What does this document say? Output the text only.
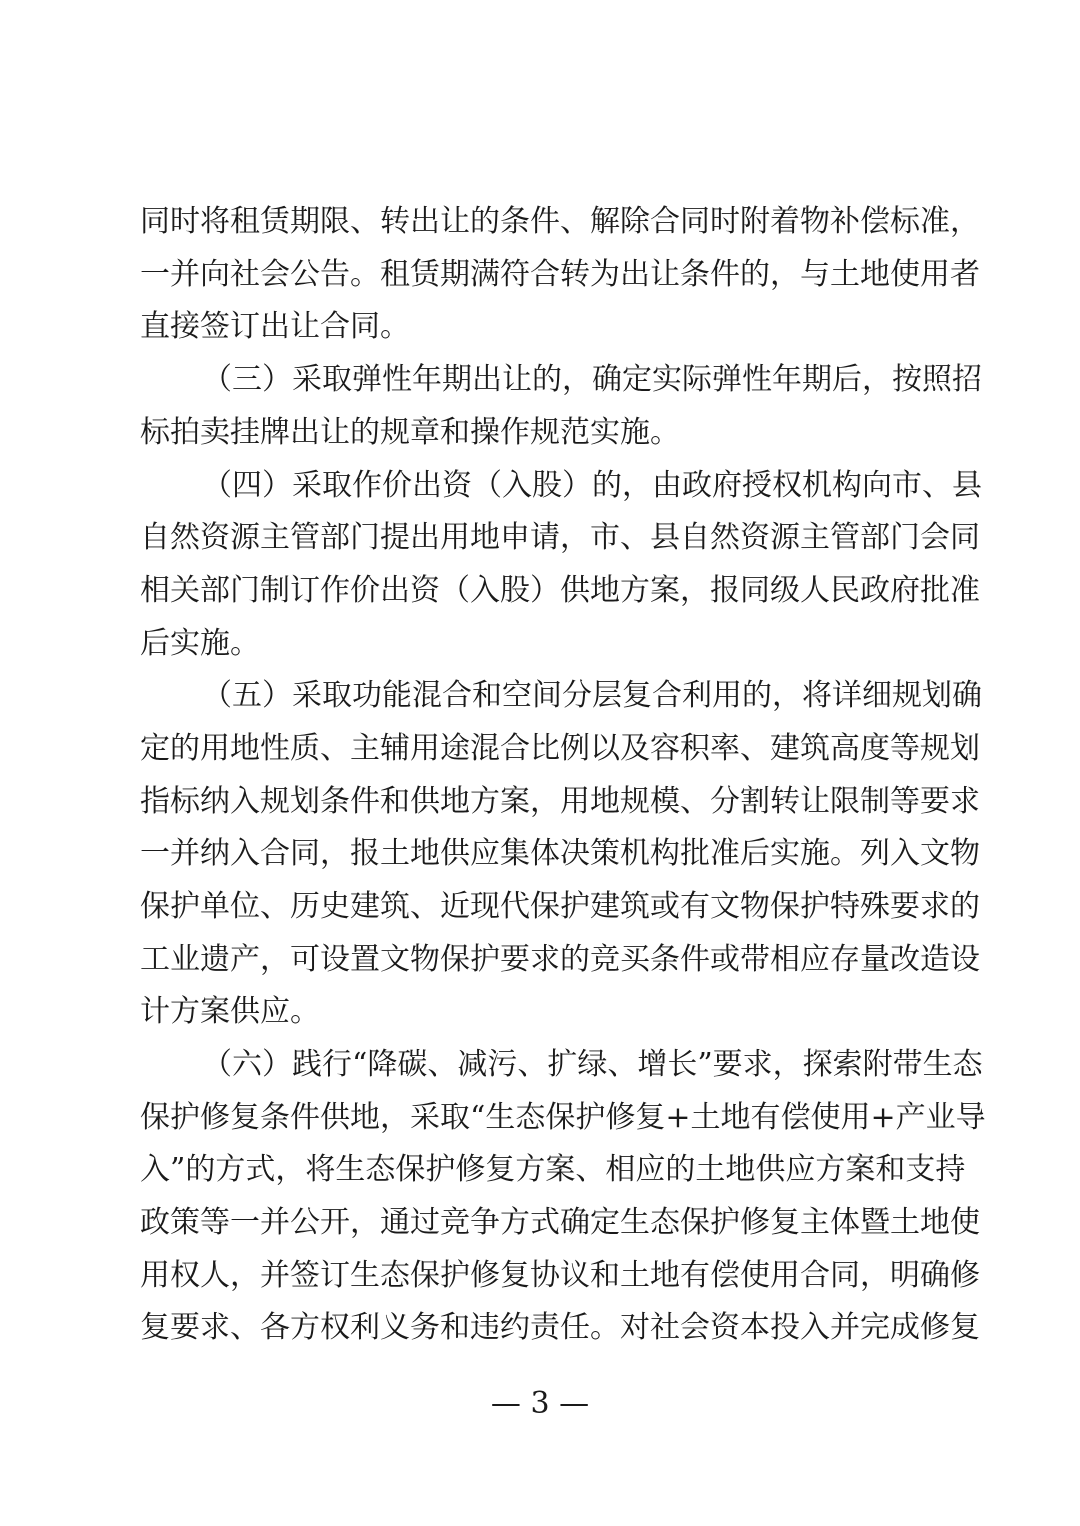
同时将租赁期限、转出让的条件、解除合同时附着物补偿标准，
一并向社会公告。租赁期满符合转为出让条件的，与土地使用者
直接签订出让合同。
（三）采取弹性年期出让的，确定实际弹性年期后，按照招
标拍卖挂牌出让的规章和操作规范实施。
（四）采取作价出资（入股）的，由政府授权机构向市、县
自然资源主管部门提出用地申请，市、县自然资源主管部门会同
相关部门制订作价出资（入股）供地方案，报同级人民政府批准
后实施。
（五）采取功能混合和空间分层复合利用的，将详细规划确
定的用地性质、主辅用途混合比例以及容积率、建筑高度等规划
指标纳入规划条件和供地方案，用地规模、分割转让限制等要求
一并纳入合同，报土地供应集体决策机构批准后实施。列入文物
保护单位、历史建筑、近现代保护建筑或有文物保护特殊要求的
工业遗产，可设置文物保护要求的竞买条件或带相应存量改造设
计方案供应。
（六）践行“降碳、减污、扩绿、增长”要求，探索附带生态
保护修复条件供地，采取“生态保护修复+土地有偿使用+产业导
入”的方式，将生态保护修复方案、相应的土地供应方案和支持
政策等一并公开，通过竞争方式确定生态保护修复主体暨土地使
用权人，并签订生态保护修复协议和土地有偿使用合同，明确修
复要求、各方权利义务和违约责任。对社会资本投入并完成修复
— 3 —
